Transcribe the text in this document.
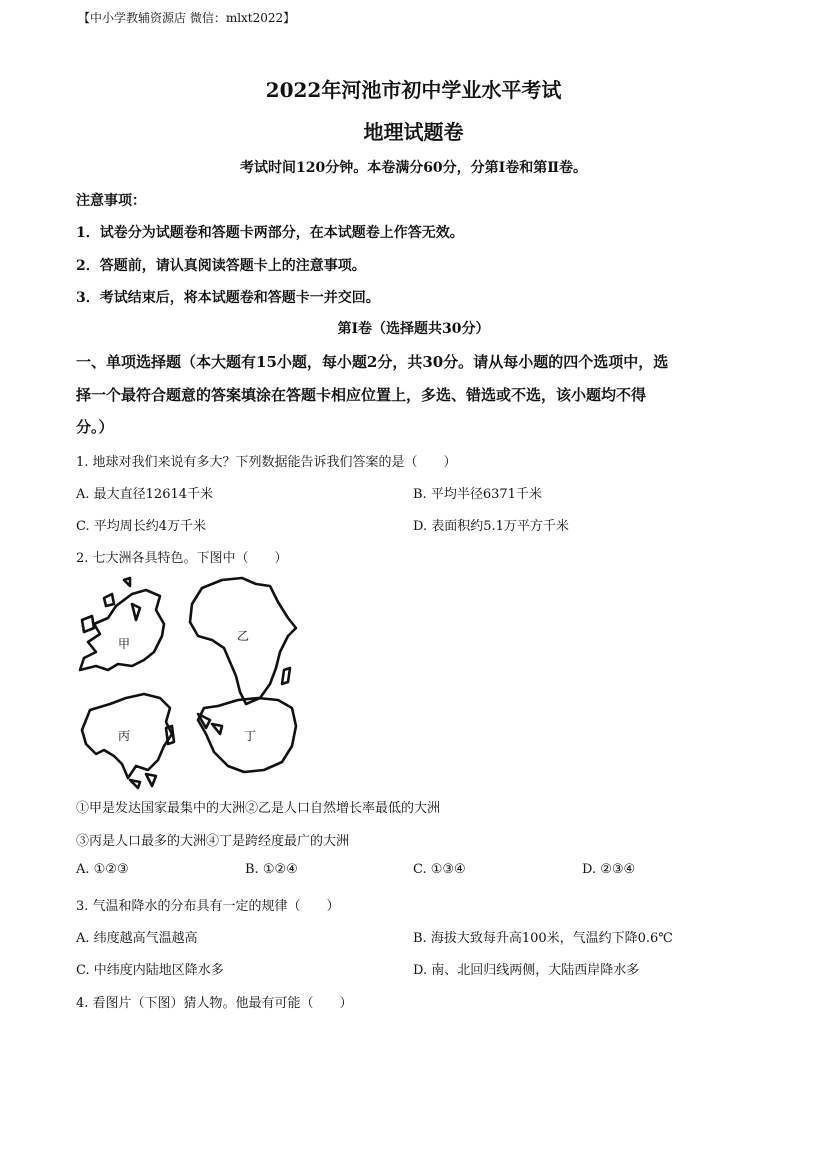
【中小学教辅资源店 微信：mlxt2022】
2022年河池市初中学业水平考试
地理试题卷
考试时间120分钟。本卷满分60分，分第Ⅰ卷和第Ⅱ卷。
注意事项：
1．试卷分为试题卷和答题卡两部分，在本试题卷上作答无效。
2．答题前，请认真阅读答题卡上的注意事项。
3．考试结束后，将本试题卷和答题卡一并交回。
第Ⅰ卷（选择题共30分）
一、单项选择题（本大题有15小题，每小题2分，共30分。请从每小题的四个选项中，选
择一个最符合题意的答案填涂在答题卡相应位置上，多选、错选或不选，该小题均不得
分。）
1. 地球对我们来说有多大？下列数据能告诉我们答案的是（　　）
A. 最大直径12614千米	B. 平均半径6371千米
C. 平均周长约4万千米	D. 表面积约5.1万平方千米
2. 七大洲各具特色。下图中（　　）
甲
乙
丙	丁
①甲是发达国家最集中的大洲②乙是人口自然增长率最低的大洲
③丙是人口最多的大洲④丁是跨经度最广的大洲
A. ①②③	B. ①②④	C. ①③④	D. ②③④
3. 气温和降水的分布具有一定的规律（　　）
A. 纬度越高气温越高	B. 海拔大致每升高100米，气温约下降0.6℃
C. 中纬度内陆地区降水多	D. 南、北回归线两侧，大陆西岸降水多
4. 看图片（下图）猜人物。他最有可能（　　）
